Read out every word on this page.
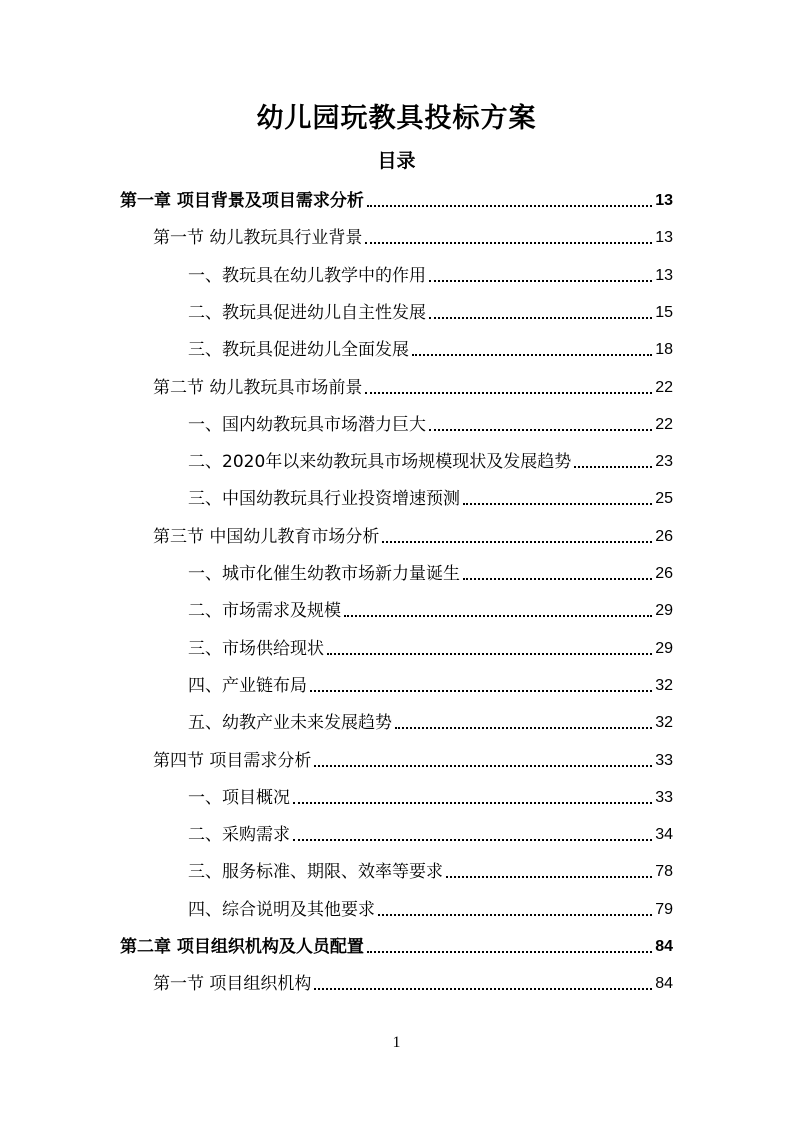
幼儿园玩教具投标方案
目录
第一章 项目背景及项目需求分析	13
第一节 幼儿教玩具行业背景	13
一、教玩具在幼儿教学中的作用	13
二、教玩具促进幼儿自主性发展	15
三、教玩具促进幼儿全面发展	18
第二节 幼儿教玩具市场前景	22
一、国内幼教玩具市场潜力巨大	22
二、2020年以来幼教玩具市场规模现状及发展趋势	23
三、中国幼教玩具行业投资增速预测	25
第三节 中国幼儿教育市场分析	26
一、城市化催生幼教市场新力量诞生	26
二、市场需求及规模	29
三、市场供给现状	29
四、产业链布局	32
五、幼教产业未来发展趋势	32
第四节 项目需求分析	33
一、项目概况	33
二、采购需求	34
三、服务标准、期限、效率等要求	78
四、综合说明及其他要求	79
第二章 项目组织机构及人员配置	84
第一节 项目组织机构	84
1
